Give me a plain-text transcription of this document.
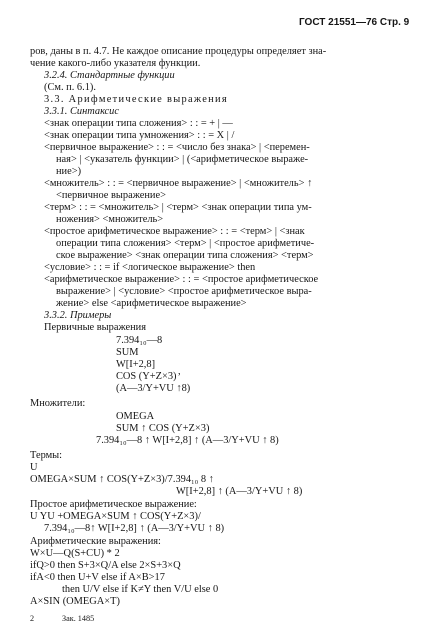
ГОСТ 21551—76 Стр. 9
ров, даны в п. 4.7. Не каждое описание процедуры определяет зна-
чение какого-либо указателя функции.
3.2.4. Стандартные функции
(См. п. 6.1).
3.3. Арифметические выражения
3.3.1. Синтаксис
<знак операции типа сложения> : : = + | —
<знак операции типа умножения> : : = X | /
<первичное выражение> : : = <число без знака> | <перемен-
ная> | <указатель функции> | (<арифметическое выраже-
ние>)
<множитель> : : = <первичное выражение> | <множитель> ↑
<первичное выражение>
<терм> : : = <множитель> | <терм> <знак операции типа ум-
ножения> <множитель>
<простое арифметическое выражение> : : = <терм> | <знак
операции типа сложения> <терм> | <простое арифметиче-
ское выражение> <знак операции типа сложения> <терм>
<условие> : : = if <логическое выражение> then
<арифметическое выражение> : : = <простое арифметическое
выражение> | <условие> <простое арифметическое выра-
жение> else <арифметическое выражение>
3.3.2. Примеры
Первичные выражения
7.394₁₀—8
SUM
W[I+2,8]
COS (Y+Z×3) ,
(A—3/Y+VU ↑8)
Множители:
OMEGA
SUM ↑ COS (Y+Z×3)
7.394₁₀—8 ↑ W[I+2,8] ↑ (A—3/Y+VU ↑ 8)
Термы:
U
OMEGA×SUM ↑ COS(Y+Z×3)/7.394₁₀ 8 ↑
W[I+2,8] ↑ (A—3/Y+VU ↑ 8)
Простое арифметическое выражение:
U YU +OMEGA×SUM ↑ COS(Y+Z×3)/
7.394₁₀—8↑ W[I+2,8] ↑ (A—3/Y+VU ↑ 8)
Арифметические выражения:
W×U—Q(S+CU) * 2
ifQ>0 then S+3×Q/A else 2×S+3×Q
ifA<0 then U+V else if A×B>17
then U/V else if K≠Y then V/U else 0
A×SIN (OMEGA×T)
2	Зак. 1485
